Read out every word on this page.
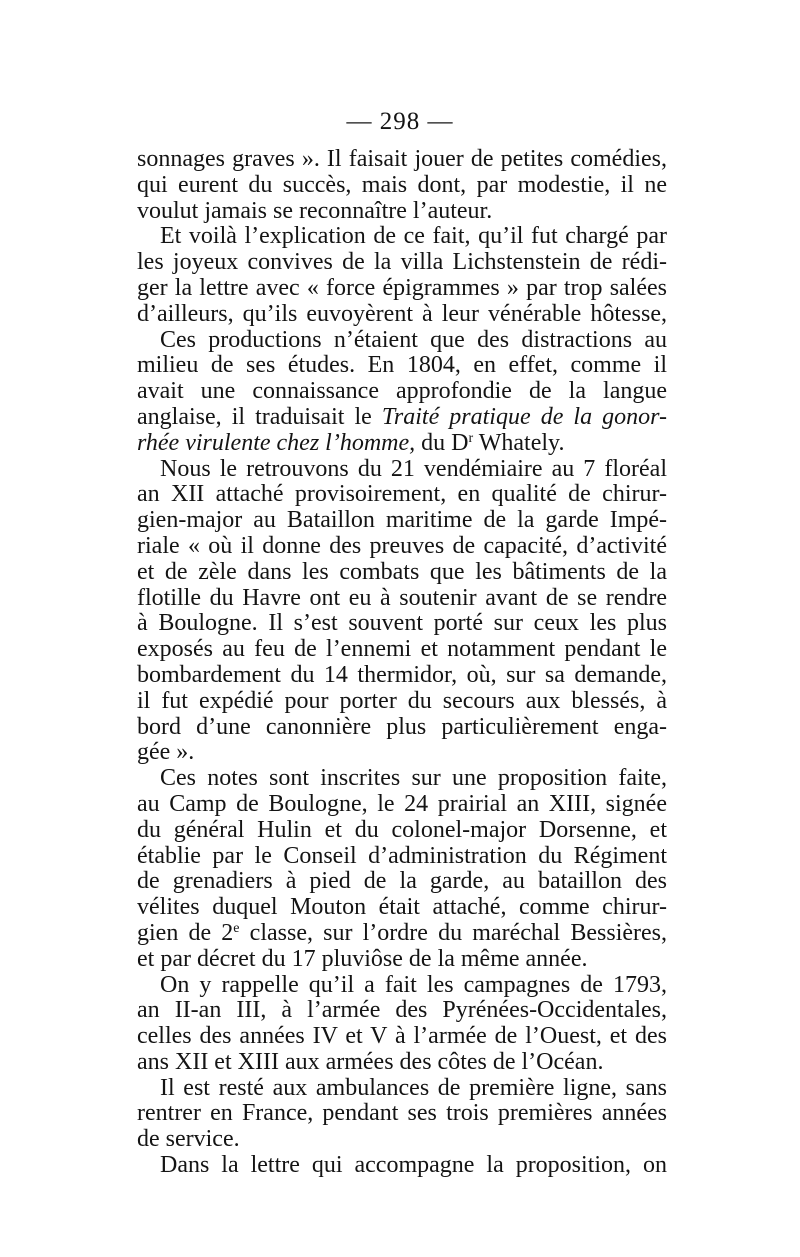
— 298 —
sonnages graves ». Il faisait jouer de petites comédies,
qui eurent du succès, mais dont, par modestie, il ne
voulut jamais se reconnaître l’auteur.
Et voilà l’explication de ce fait, qu’il fut chargé par
les joyeux convives de la villa Lichstenstein de rédi-
ger la lettre avec « force épigrammes » par trop salées
d’ailleurs, qu’ils euvoyèrent à leur vénérable hôtesse,
Ces productions n’étaient que des distractions au
milieu de ses études. En 1804, en effet, comme il
avait une connaissance approfondie de la langue
anglaise, il traduisait le Traité pratique de la gonor-
rhée virulente chez l’homme, du $D^r$ Whately.
Nous le retrouvons du 21 vendémiaire au 7 floréal
an XII attaché provisoirement, en qualité de chirur-
gien-major au Bataillon maritime de la garde Impé-
riale « où il donne des preuves de capacité, d’activité
et de zèle dans les combats que les bâtiments de la
flotille du Havre ont eu à soutenir avant de se rendre
à Boulogne. Il s’est souvent porté sur ceux les plus
exposés au feu de l’ennemi et notamment pendant le
bombardement du 14 thermidor, où, sur sa demande,
il fut expédié pour porter du secours aux blessés, à
bord d’une canonnière plus particulièrement enga-
gée ».
Ces notes sont inscrites sur une proposition faite,
au Camp de Boulogne, le 24 prairial an XIII, signée
du général Hulin et du colonel-major Dorsenne, et
établie par le Conseil d’administration du Régiment
de grenadiers à pied de la garde, au bataillon des
vélites duquel Mouton était attaché, comme chirur-
gien de 2e classe, sur l’ordre du maréchal Bessières,
et par décret du 17 pluviôse de la même année.
On y rappelle qu’il a fait les campagnes de 1793,
an II-an III, à l’armée des Pyrénées-Occidentales,
celles des années IV et V à l’armée de l’Ouest, et des
ans XII et XIII aux armées des côtes de l’Océan.
Il est resté aux ambulances de première ligne, sans
rentrer en France, pendant ses trois premières années
de service.
Dans la lettre qui accompagne la proposition, on
